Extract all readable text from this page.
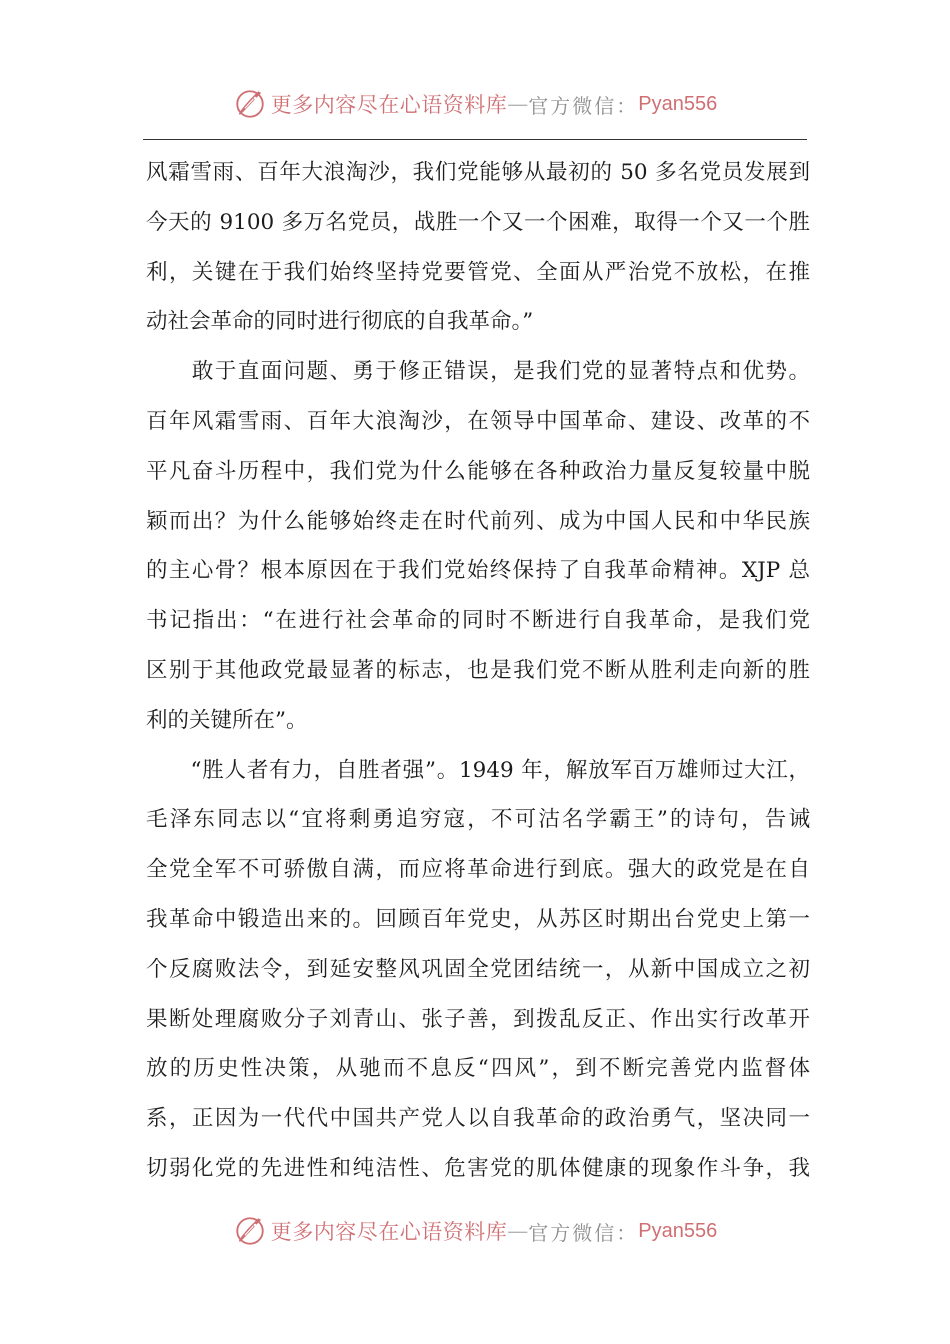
更多内容尽在心语资料库 — 官方微信： Pyan556

风霜雪雨、百年大浪淘沙，我们党能够从最初的 50 多名党员发展到
今天的 9100 多万名党员，战胜一个又一个困难，取得一个又一个胜
利，关键在于我们始终坚持党要管党、全面从严治党不放松，在推
动社会革命的同时进行彻底的自我革命。”

　　敢于直面问题、勇于修正错误，是我们党的显著特点和优势。
百年风霜雪雨、百年大浪淘沙，在领导中国革命、建设、改革的不
平凡奋斗历程中，我们党为什么能够在各种政治力量反复较量中脱
颖而出？为什么能够始终走在时代前列、成为中国人民和中华民族
的主心骨？根本原因在于我们党始终保持了自我革命精神。XJP 总
书记指出：“在进行社会革命的同时不断进行自我革命，是我们党
区别于其他政党最显著的标志，也是我们党不断从胜利走向新的胜
利的关键所在”。

　　“胜人者有力，自胜者强”。1949 年，解放军百万雄师过大江，
毛泽东同志以“宜将剩勇追穷寇，不可沽名学霸王”的诗句，告诫
全党全军不可骄傲自满，而应将革命进行到底。强大的政党是在自
我革命中锻造出来的。回顾百年党史，从苏区时期出台党史上第一
个反腐败法令，到延安整风巩固全党团结统一，从新中国成立之初
果断处理腐败分子刘青山、张子善，到拨乱反正、作出实行改革开
放的历史性决策，从驰而不息反“四风”，到不断完善党内监督体
系，正因为一代代中国共产党人以自我革命的政治勇气，坚决同一
切弱化党的先进性和纯洁性、危害党的肌体健康的现象作斗争，我

更多内容尽在心语资料库 — 官方微信： Pyan556
